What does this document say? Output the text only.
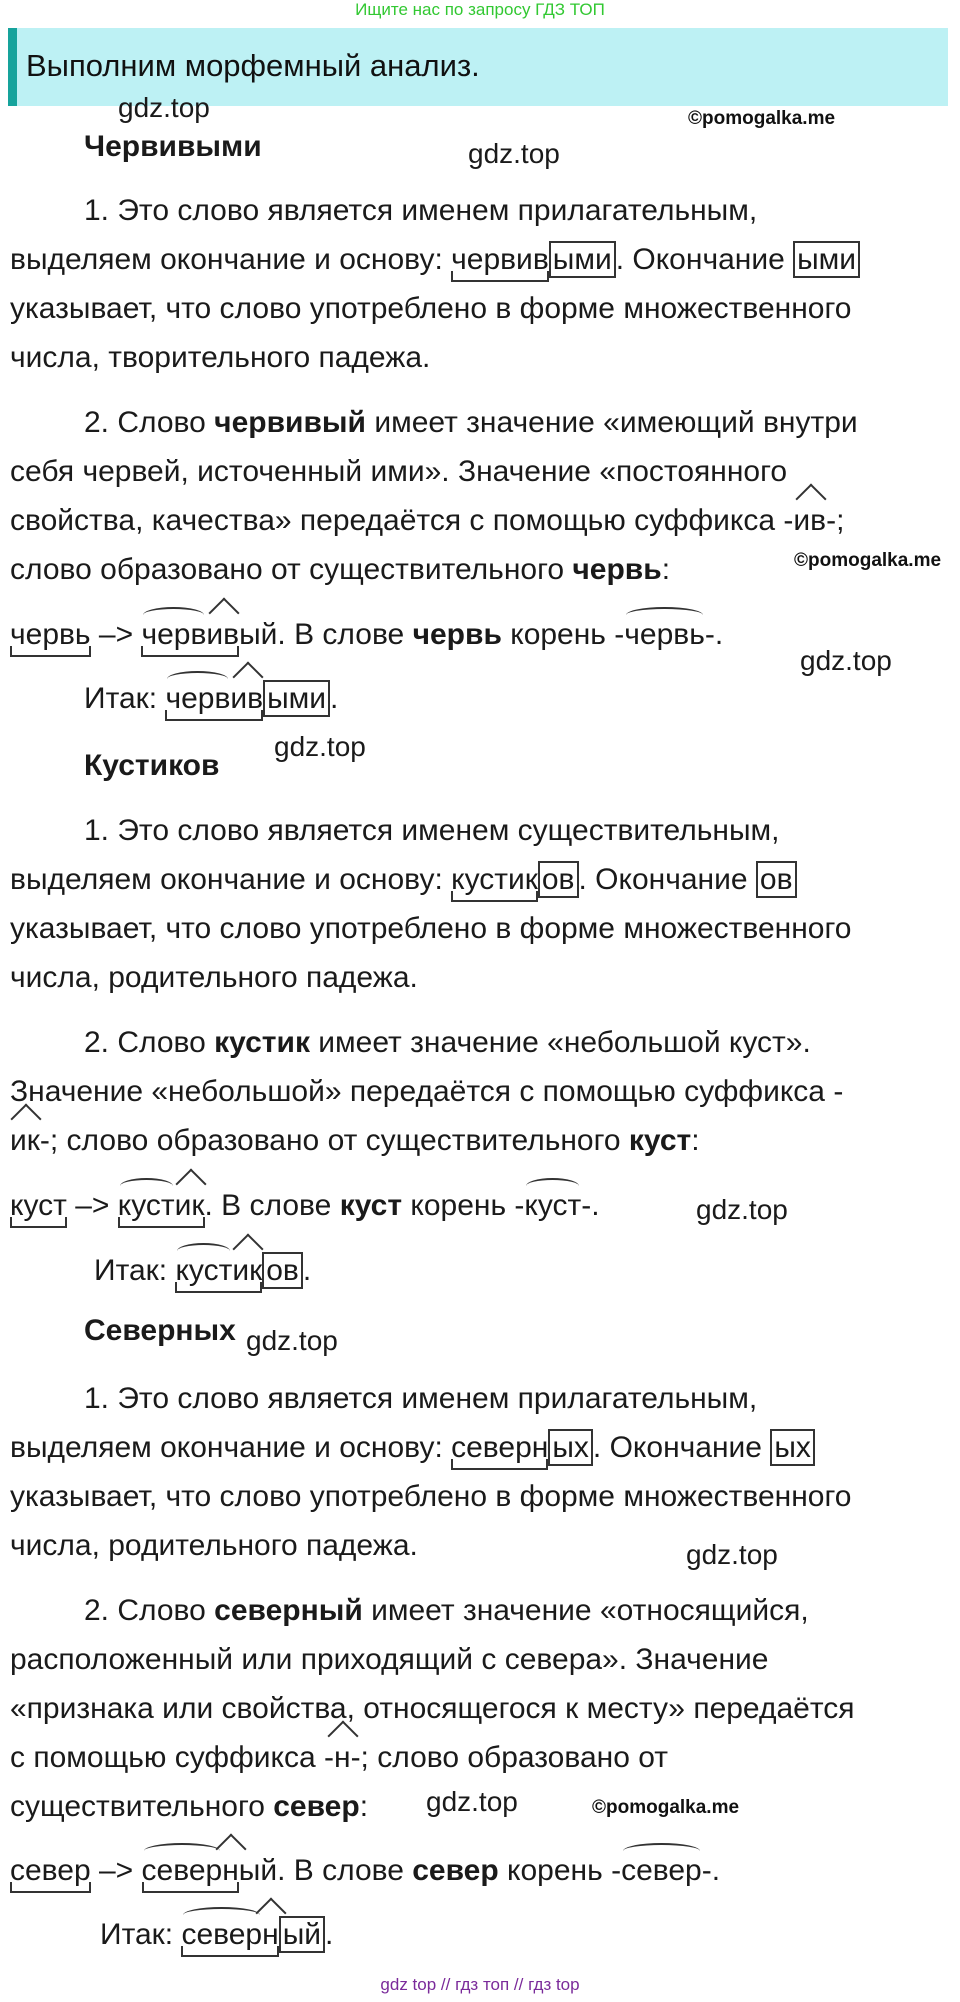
Ищите нас по запросу ГДЗ ТОП
Выполним морфемный анализ.
gdz.top	©pomogalka.me
gdz.top
Червивыми
1. Это слово является именем прилагательным,
выделяем окончание и основу: червив ыми . Окончание ыми
указывает, что слово употреблено в форме множественного
числа, творительного падежа.
2. Слово червивый имеет значение «имеющий внутри
себя червей, источенный ими». Значение «постоянного
свойства, качества» передаётся с помощью суффикса -ив-;
слово образовано от существительного червь:	©pomogalka.me
червь –> червивый. В слове червь корень -червь-.
gdz.top
Итак: червив ыми .
gdz.top
Кустиков
1. Это слово является именем существительным,
выделяем окончание и основу: кустик ов . Окончание ов
указывает, что слово употреблено в форме множественного
числа, родительного падежа.
2. Слово кустик имеет значение «небольшой куст».
Значение «небольшой» передаётся с помощью суффикса -
ик-; слово образовано от существительного куст:
куст –> кустик. В слове куст корень -куст-.	gdz.top
Итак: кустик ов .
Северных gdz.top
1. Это слово является именем прилагательным,
выделяем окончание и основу: северн ых . Окончание ых
указывает, что слово употреблено в форме множественного
числа, родительного падежа.	gdz.top
2. Слово северный имеет значение «относящийся,
расположенный или приходящий с севера». Значение
«признака или свойства, относящегося к месту» передаётся
с помощью суффикса -н-; слово образовано от
существительного север: gdz.top	©pomogalka.me
север –> северный. В слове север корень -север-.
Итак: северн ый .
gdz top // гдз топ // гдз top
